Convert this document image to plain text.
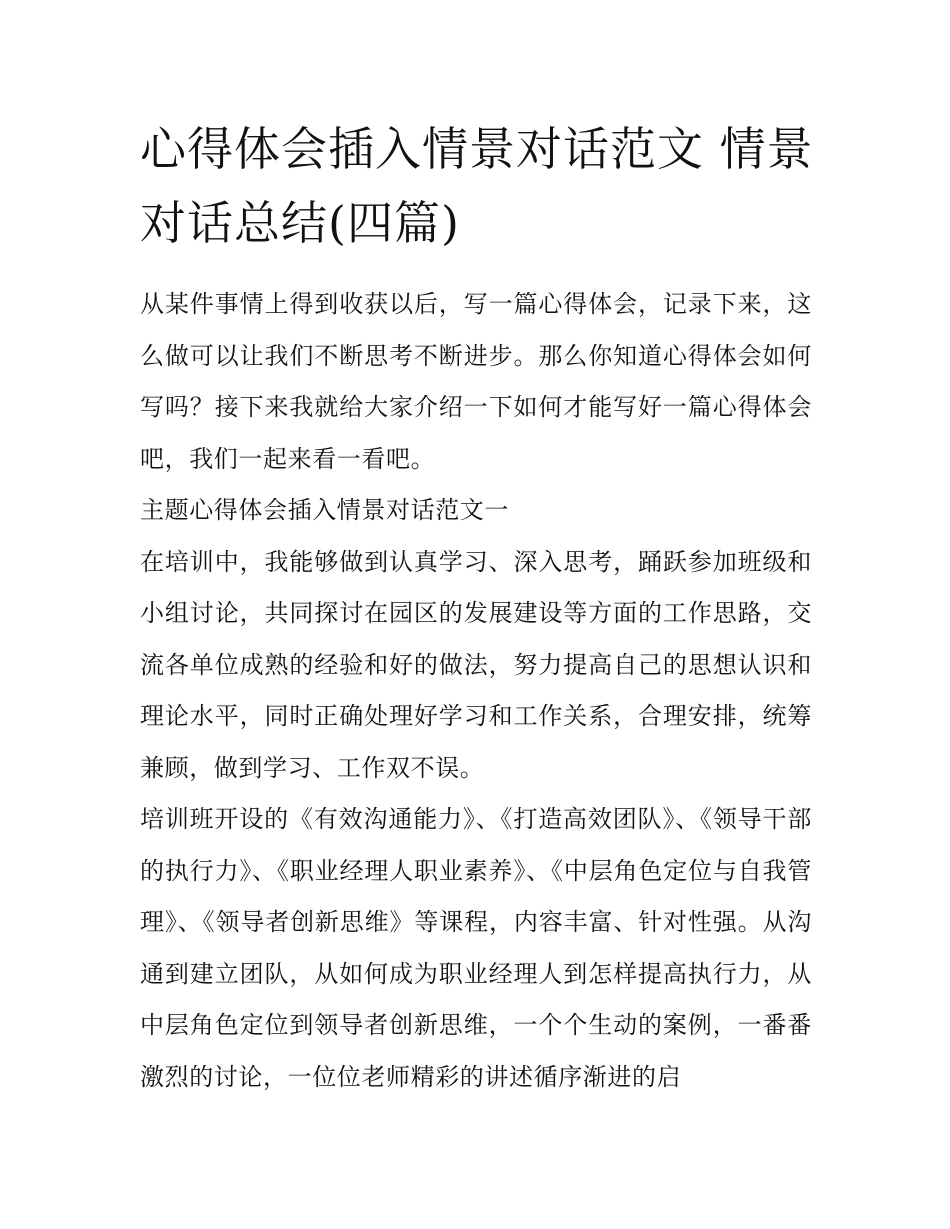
心得体会插入情景对话范文 情景对话总结(四篇)

从某件事情上得到收获以后，写一篇心得体会，记录下来，这么做可以让我们不断思考不断进步。那么你知道心得体会如何写吗？接下来我就给大家介绍一下如何才能写好一篇心得体会吧，我们一起来看一看吧。

主题心得体会插入情景对话范文一

在培训中，我能够做到认真学习、深入思考，踊跃参加班级和小组讨论，共同探讨在园区的发展建设等方面的工作思路，交流各单位成熟的经验和好的做法，努力提高自己的思想认识和理论水平，同时正确处理好学习和工作关系，合理安排，统筹兼顾，做到学习、工作双不误。

培训班开设的《有效沟通能力》、《打造高效团队》、《领导干部的执行力》、《职业经理人职业素养》、《中层角色定位与自我管理》、《领导者创新思维》等课程，内容丰富、针对性强。从沟通到建立团队，从如何成为职业经理人到怎样提高执行力，从中层角色定位到领导者创新思维，一个个生动的案例，一番番激烈的讨论，一位位老师精彩的讲述循序渐进的启
